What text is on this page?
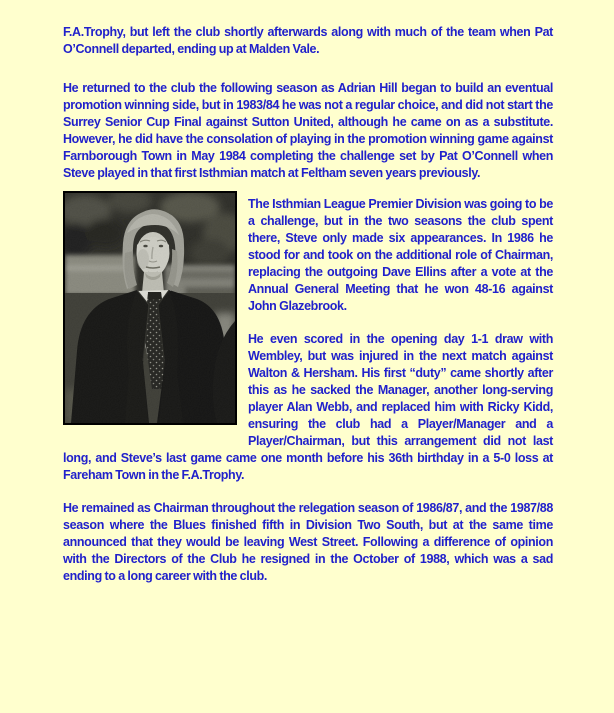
F.A.Trophy, but left the club shortly afterwards along with much of the team when Pat O’Connell departed, ending up at Malden Vale.

He returned to the club the following season as Adrian Hill began to build an eventual promotion winning side, but in 1983/84 he was not a regular choice, and did not start the Surrey Senior Cup Final against Sutton United, although he came on as a substitute. However, he did have the consolation of playing in the promotion winning game against Farnborough Town in May 1984 completing the challenge set by Pat O’Connell when Steve played in that first Isthmian match at Feltham seven years previously.

The Isthmian League Premier Division was going to be a challenge, but in the two seasons the club spent there, Steve only made six appearances. In 1986 he stood for and took on the additional role of Chairman, replacing the outgoing Dave Ellins after a vote at the Annual General Meeting that he won 48-16 against John Glazebrook.

He even scored in the opening day 1-1 draw with Wembley, but was injured in the next match against Walton & Hersham. His first “duty” came shortly after this as he sacked the Manager, another long-serving player Alan Webb, and replaced him with Ricky Kidd, ensuring the club had a Player/Manager and a Player/Chairman, but this arrangement did not last long, and Steve’s last game came one month before his 36th birthday in a 5-0 loss at Fareham Town in the F.A.Trophy.

He remained as Chairman throughout the relegation season of 1986/87, and the 1987/88 season where the Blues finished fifth in Division Two South, but at the same time announced that they would be leaving West Street. Following a difference of opinion with the Directors of the Club he resigned in the October of 1988, which was a sad ending to a long career with the club.
